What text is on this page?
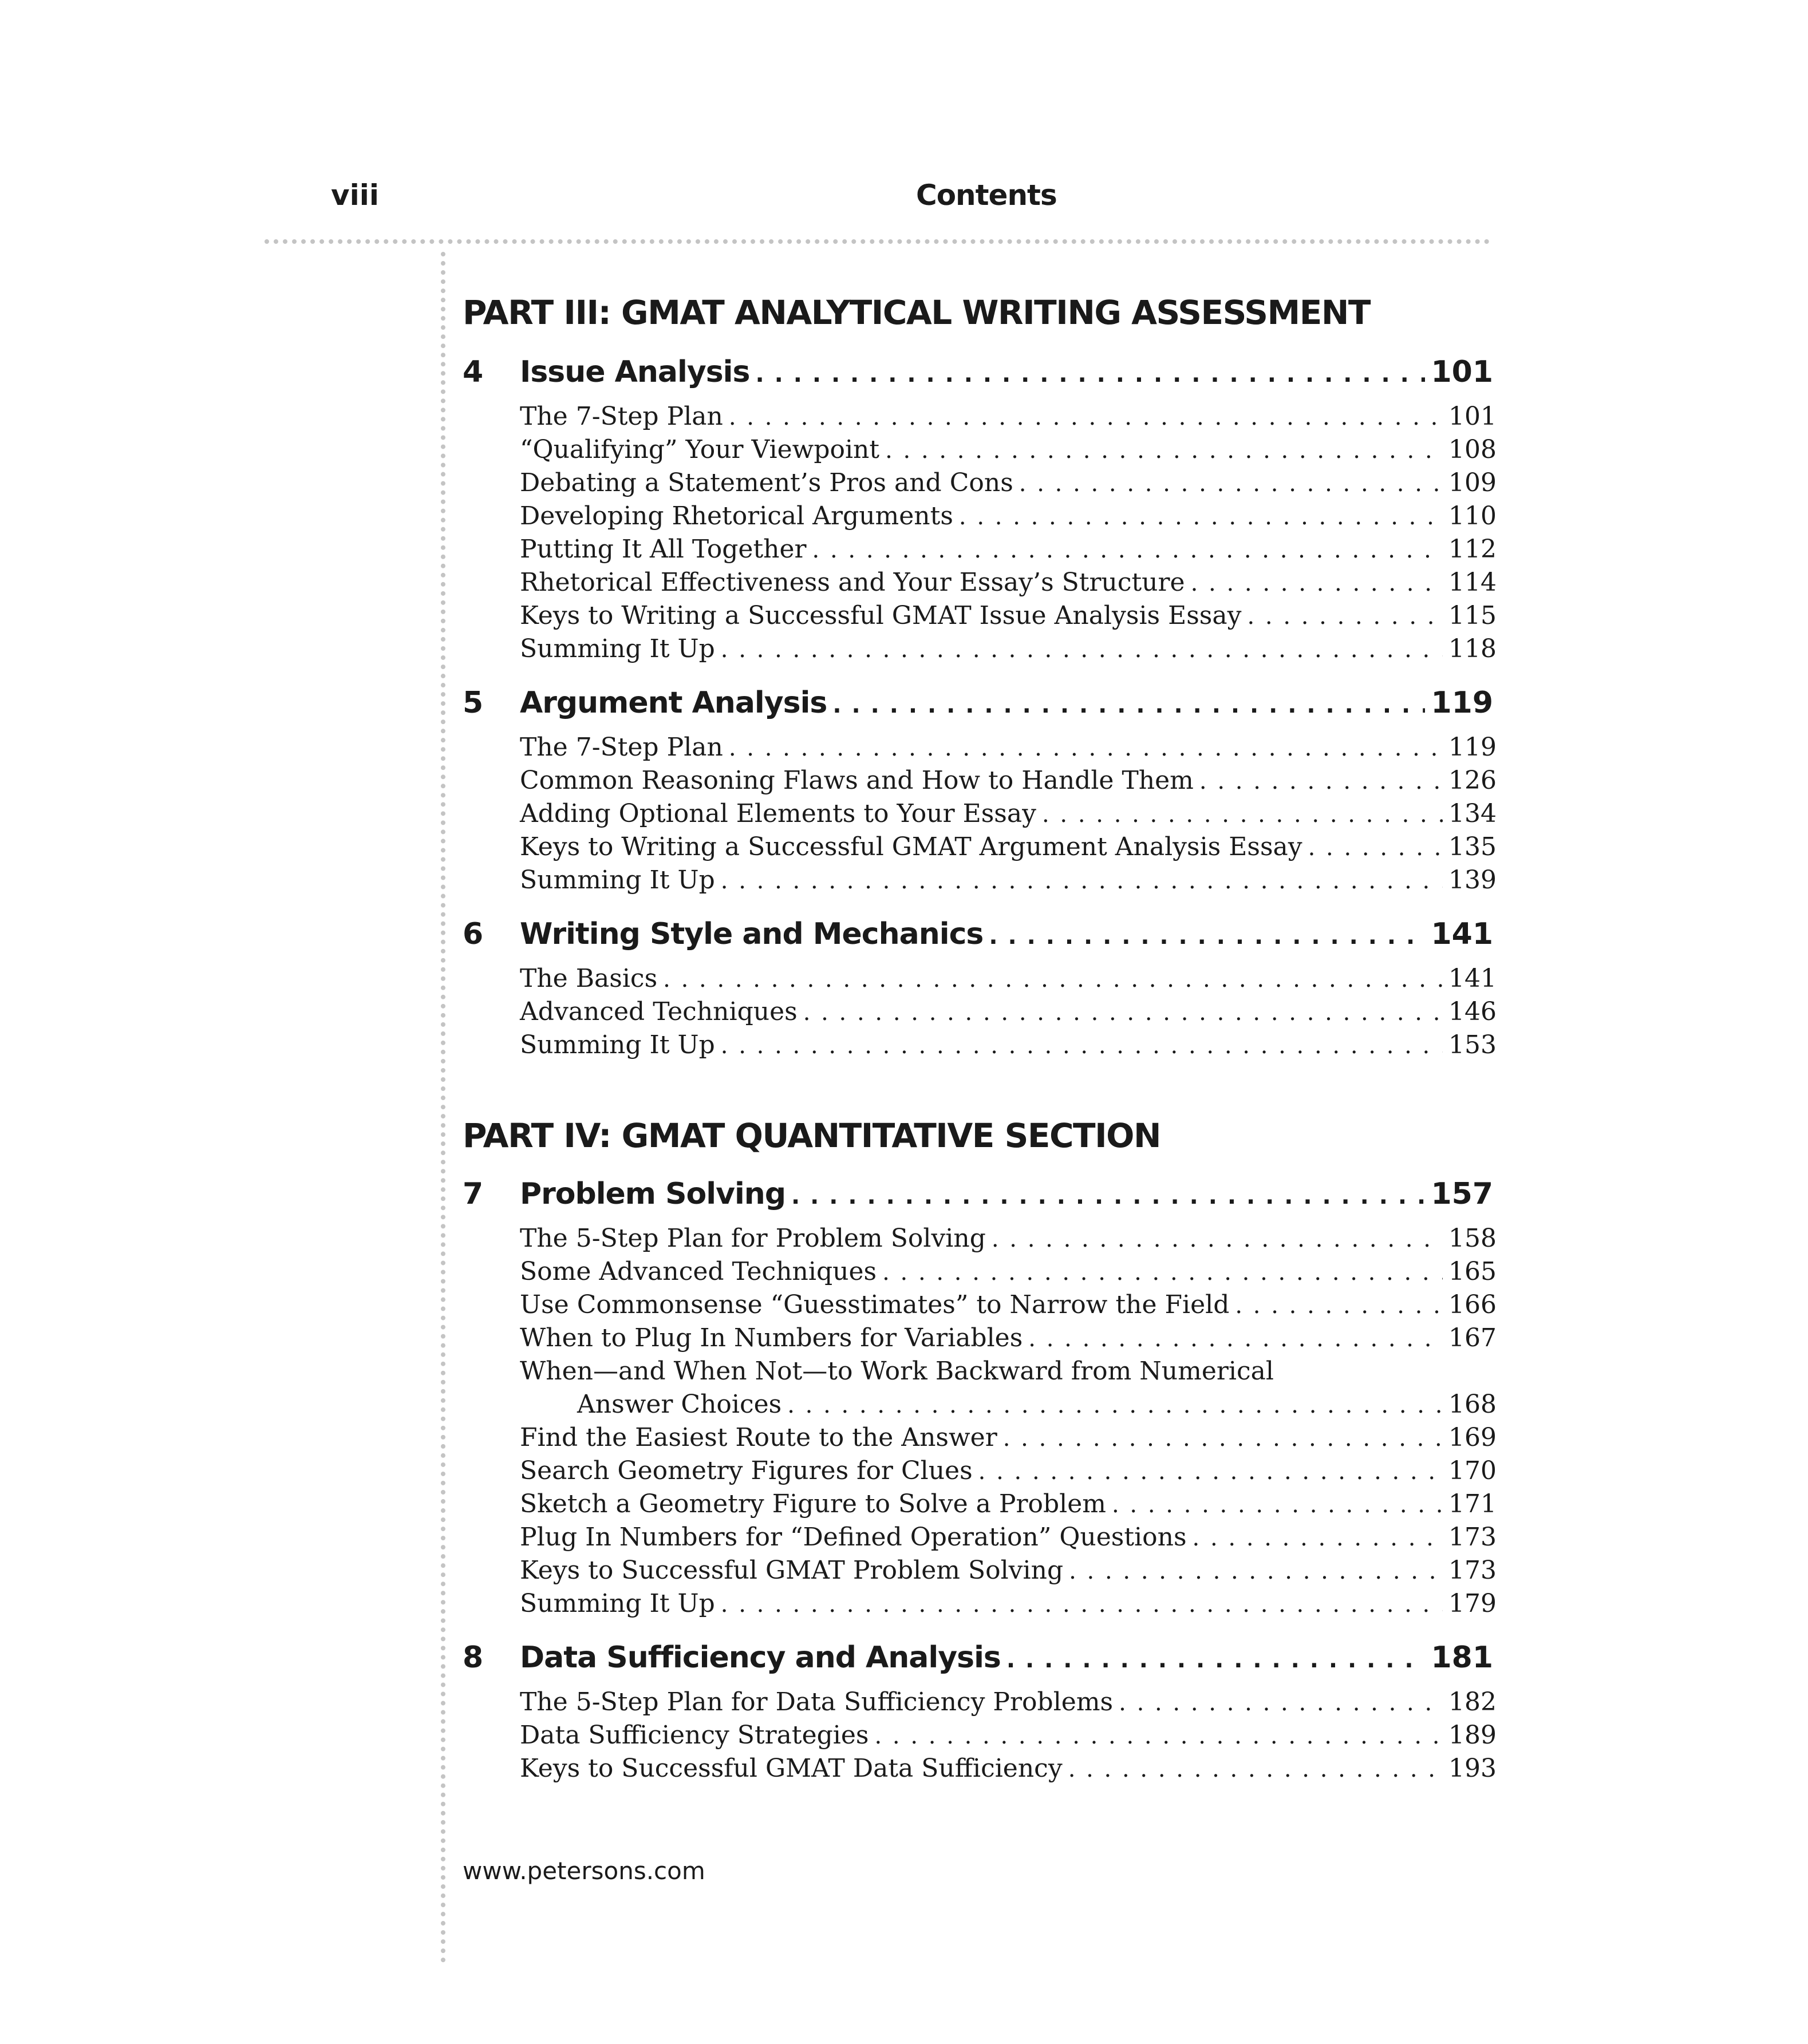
viii	Contents
PART III: GMAT ANALYTICAL WRITING ASSESSMENT
4	Issue Analysis . . .	101
The 7-Step Plan . . .	101
“Qualifying” Your Viewpoint . . .	108
Debating a Statement’s Pros and Cons . . .	109
Developing Rhetorical Arguments . . .	110
Putting It All Together . . .	112
Rhetorical Effectiveness and Your Essay’s Structure . . .	114
Keys to Writing a Successful GMAT Issue Analysis Essay . . .	115
Summing It Up . . .	118
5	Argument Analysis . . .	119
The 7-Step Plan . . .	119
Common Reasoning Flaws and How to Handle Them . . .	126
Adding Optional Elements to Your Essay . . .	134
Keys to Writing a Successful GMAT Argument Analysis Essay . . .	135
Summing It Up . . .	139
6	Writing Style and Mechanics . . .	141
The Basics . . .	141
Advanced Techniques . . .	146
Summing It Up . . .	153
PART IV: GMAT QUANTITATIVE SECTION
7	Problem Solving . . .	157
The 5-Step Plan for Problem Solving . . .	158
Some Advanced Techniques . . .	165
Use Commonsense “Guesstimates” to Narrow the Field . . .	166
When to Plug In Numbers for Variables . . .	167
When—and When Not—to Work Backward from Numerical
Answer Choices . . .	168
Find the Easiest Route to the Answer . . .	169
Search Geometry Figures for Clues . . .	170
Sketch a Geometry Figure to Solve a Problem . . .	171
Plug In Numbers for “Defined Operation” Questions . . .	173
Keys to Successful GMAT Problem Solving . . .	173
Summing It Up . . .	179
8	Data Sufficiency and Analysis . . .	181
The 5-Step Plan for Data Sufficiency Problems . . .	182
Data Sufficiency Strategies . . .	189
Keys to Successful GMAT Data Sufficiency . . .	193
www.petersons.com
